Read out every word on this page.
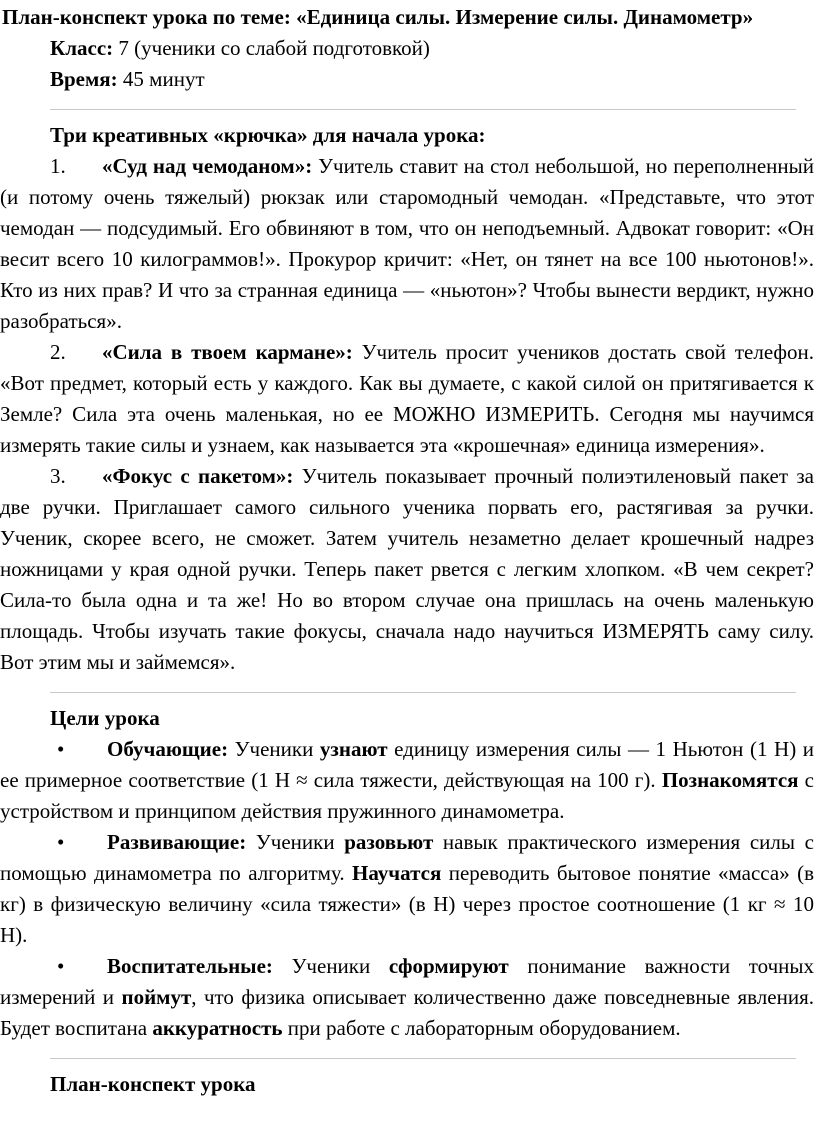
План-конспект урока по теме: «Единица силы. Измерение силы. Динамометр»

Класс: 7 (ученики со слабой подготовкой)

Время: 45 минут

Три креативных «крючка» для начала урока:

1. «Суд над чемоданом»: Учитель ставит на стол небольшой, но переполненный (и потому очень тяжелый) рюкзак или старомодный чемодан. «Представьте, что этот чемодан — подсудимый. Его обвиняют в том, что он неподъемный. Адвокат говорит: «Он весит всего 10 килограммов!». Прокурор кричит: «Нет, он тянет на все 100 ньютонов!». Кто из них прав? И что за странная единица — «ньютон»? Чтобы вынести вердикт, нужно разобраться».

2. «Сила в твоем кармане»: Учитель просит учеников достать свой телефон. «Вот предмет, который есть у каждого. Как вы думаете, с какой силой он притягивается к Земле? Сила эта очень маленькая, но ее МОЖНО ИЗМЕРИТЬ. Сегодня мы научимся измерять такие силы и узнаем, как называется эта «крошечная» единица измерения».

3. «Фокус с пакетом»: Учитель показывает прочный полиэтиленовый пакет за две ручки. Приглашает самого сильного ученика порвать его, растягивая за ручки. Ученик, скорее всего, не сможет. Затем учитель незаметно делает крошечный надрез ножницами у края одной ручки. Теперь пакет рвется с легким хлопком. «В чем секрет? Сила-то была одна и та же! Но во втором случае она пришлась на очень маленькую площадь. Чтобы изучать такие фокусы, сначала надо научиться ИЗМЕРЯТЬ саму силу. Вот этим мы и займемся».

Цели урока

• Обучающие: Ученики узнают единицу измерения силы — 1 Ньютон (1 Н) и ее примерное соответствие (1 Н ≈ сила тяжести, действующая на 100 г). Познакомятся с устройством и принципом действия пружинного динамометра.

• Развивающие: Ученики разовьют навык практического измерения силы с помощью динамометра по алгоритму. Научатся переводить бытовое понятие «масса» (в кг) в физическую величину «сила тяжести» (в Н) через простое соотношение (1 кг ≈ 10 Н).

• Воспитательные: Ученики сформируют понимание важности точных измерений и поймут, что физика описывает количественно даже повседневные явления. Будет воспитана аккуратность при работе с лабораторным оборудованием.

План-конспект урока
